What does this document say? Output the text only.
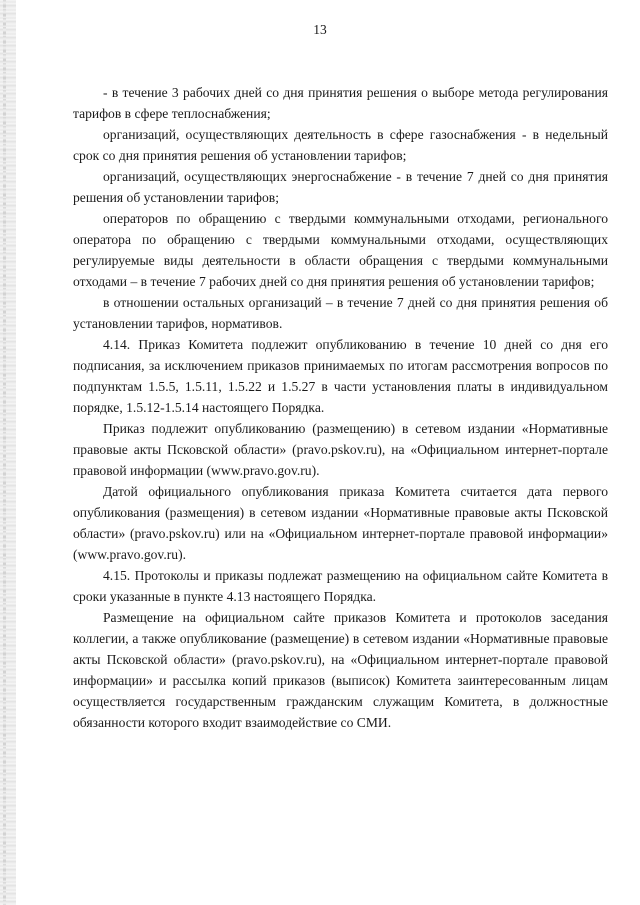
13

- в течение 3 рабочих дней со дня принятия решения о выборе метода регулирования тарифов в сфере теплоснабжения;

организаций, осуществляющих деятельность в сфере газоснабжения - в недельный срок со дня принятия решения об установлении тарифов;

организаций, осуществляющих энергоснабжение - в течение 7 дней со дня принятия решения об установлении тарифов;

операторов по обращению с твердыми коммунальными отходами, регионального оператора по обращению с твердыми коммунальными отходами, осуществляющих регулируемые виды деятельности в области обращения с твердыми коммунальными отходами – в течение 7 рабочих дней со дня принятия решения об установлении тарифов;

в отношении остальных организаций – в течение 7 дней со дня принятия решения об установлении тарифов, нормативов.

4.14. Приказ Комитета подлежит опубликованию в течение 10 дней со дня его подписания, за исключением приказов принимаемых по итогам рассмотрения вопросов по подпунктам 1.5.5, 1.5.11, 1.5.22 и 1.5.27 в части установления платы в индивидуальном порядке, 1.5.12-1.5.14 настоящего Порядка.

Приказ подлежит опубликованию (размещению) в сетевом издании «Нормативные правовые акты Псковской области» (pravo.pskov.ru), на «Официальном интернет-портале правовой информации (www.pravo.gov.ru).

Датой официального опубликования приказа Комитета считается дата первого опубликования (размещения) в сетевом издании «Нормативные правовые акты Псковской области» (pravo.pskov.ru) или на «Официальном интернет-портале правовой информации» (www.pravo.gov.ru).

4.15. Протоколы и приказы подлежат размещению на официальном сайте Комитета в сроки указанные в пункте 4.13 настоящего Порядка.

Размещение на официальном сайте приказов Комитета и протоколов заседания коллегии, а также опубликование (размещение) в сетевом издании «Нормативные правовые акты Псковской области» (pravo.pskov.ru), на «Официальном интернет-портале правовой информации» и рассылка копий приказов (выписок) Комитета заинтересованным лицам осуществляется государственным гражданским служащим Комитета, в должностные обязанности которого входит взаимодействие со СМИ.
